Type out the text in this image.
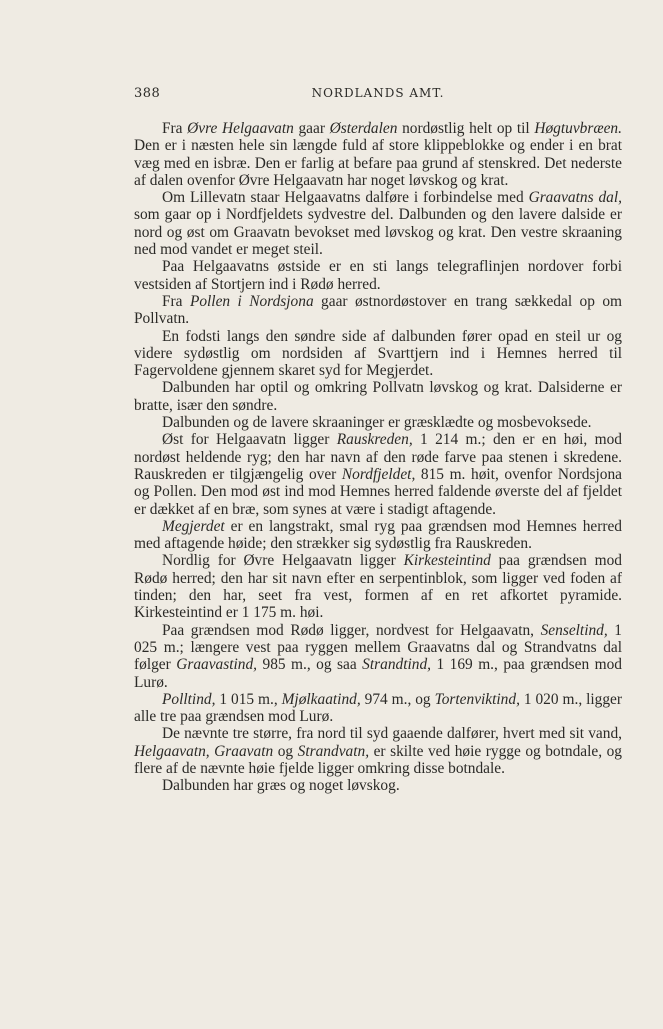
388	NORDLANDS AMT.

Fra Øvre Helgaavatn gaar Østerdalen nordøstlig helt op til Høgtuvbræen. Den er i næsten hele sin længde fuld af store klippeblokke og ender i en brat væg med en isbræ. Den er farlig at befare paa grund af stenskred. Det nederste af dalen ovenfor Øvre Helgaavatn har noget løvskog og krat.

Om Lillevatn staar Helgaavatns dalføre i forbindelse med Graavatns dal, som gaar op i Nordfjeldets sydvestre del. Dalbunden og den lavere dalside er nord og øst om Graavatn bevokset med løvskog og krat. Den vestre skraaning ned mod vandet er meget steil.

Paa Helgaavatns østside er en sti langs telegraflinjen nordover forbi vestsiden af Stortjern ind i Rødø herred.

Fra Pollen i Nordsjona gaar østnordøstover en trang sækkedal op om Pollvatn.

En fodsti langs den søndre side af dalbunden fører opad en steil ur og videre sydøstlig om nordsiden af Svarttjern ind i Hemnes herred til Fagervoldene gjennem skaret syd for Megjerdet.

Dalbunden har optil og omkring Pollvatn løvskog og krat. Dalsiderne er bratte, især den søndre.

Dalbunden og de lavere skraaninger er græsklædte og mosbevoksede.

Øst for Helgaavatn ligger Rauskreden, 1 214 m.; den er en høi, mod nordøst heldende ryg; den har navn af den røde farve paa stenen i skredene. Rauskreden er tilgjængelig over Nordfjeldet, 815 m. høit, ovenfor Nordsjona og Pollen. Den mod øst ind mod Hemnes herred faldende øverste del af fjeldet er dækket af en bræ, som synes at være i stadigt aftagende.

Megjerdet er en langstrakt, smal ryg paa grændsen mod Hemnes herred med aftagende høide; den strækker sig sydøstlig fra Rauskreden.

Nordlig for Øvre Helgaavatn ligger Kirkesteintind paa grændsen mod Rødø herred; den har sit navn efter en serpentinblok, som ligger ved foden af tinden; den har, seet fra vest, formen af en ret afkortet pyramide. Kirkesteintind er 1 175 m. høi.

Paa grændsen mod Rødø ligger, nordvest for Helgaavatn, Senseltind, 1 025 m.; længere vest paa ryggen mellem Graavatns dal og Strandvatns dal følger Graavastind, 985 m., og saa Strandtind, 1 169 m., paa grændsen mod Lurø.

Polltind, 1 015 m., Mjølkaatind, 974 m., og Tortenviktind, 1 020 m., ligger alle tre paa grændsen mod Lurø.

De nævnte tre større, fra nord til syd gaaende dalfører, hvert med sit vand, Helgaavatn, Graavatn og Strandvatn, er skilte ved høie rygge og botndale, og flere af de nævnte høie fjelde ligger omkring disse botndale.

Dalbunden har græs og noget løvskog.
